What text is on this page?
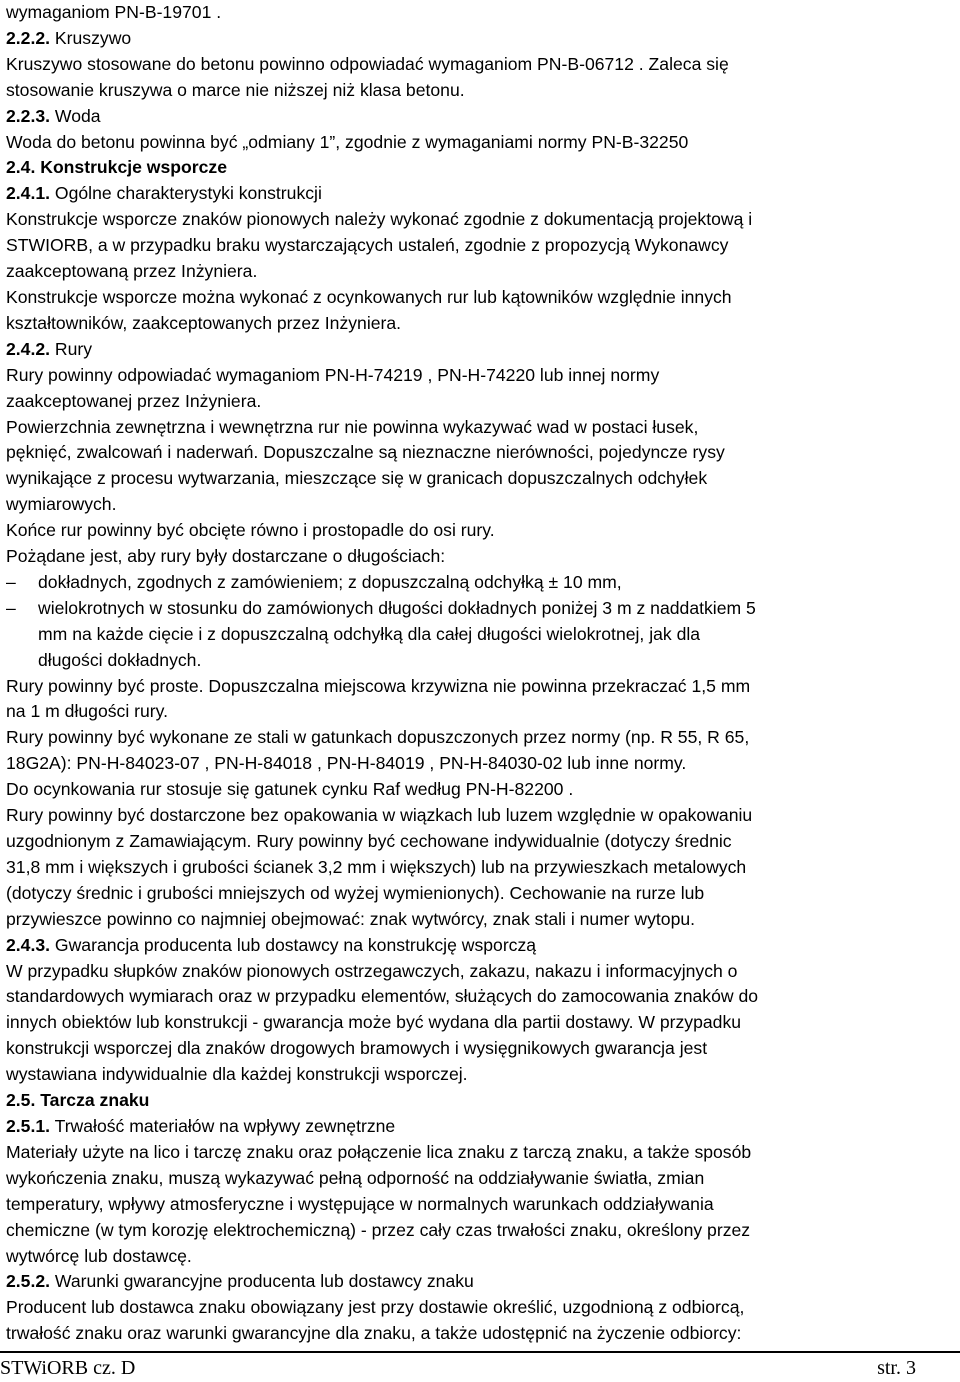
wymaganiom PN-B-19701 .
2.2.2. Kruszywo
Kruszywo stosowane do betonu powinno odpowiadać wymaganiom PN-B-06712 . Zaleca się
stosowanie kruszywa o marce nie niższej niż klasa betonu.
2.2.3. Woda
Woda do betonu powinna być „odmiany 1”, zgodnie z wymaganiami normy PN-B-32250
2.4. Konstrukcje wsporcze
2.4.1. Ogólne charakterystyki konstrukcji
Konstrukcje wsporcze znaków pionowych należy wykonać zgodnie z dokumentacją projektową i
STWIORB, a w przypadku braku wystarczających ustaleń, zgodnie z propozycją Wykonawcy
zaakceptowaną przez Inżyniera.
Konstrukcje wsporcze można wykonać z ocynkowanych rur lub kątowników względnie innych
kształtowników, zaakceptowanych przez Inżyniera.
2.4.2. Rury
Rury powinny odpowiadać wymaganiom PN-H-74219 , PN-H-74220 lub innej normy
zaakceptowanej przez Inżyniera.
Powierzchnia zewnętrzna i wewnętrzna rur nie powinna wykazywać wad w postaci łusek,
pęknięć, zwalcowań i naderwań. Dopuszczalne są nieznaczne nierówności, pojedyncze rysy
wynikające z procesu wytwarzania, mieszczące się w granicach dopuszczalnych odchyłek
wymiarowych.
Końce rur powinny być obcięte równo i prostopadle do osi rury.
Pożądane jest, aby rury były dostarczane o długościach:
– dokładnych, zgodnych z zamówieniem; z dopuszczalną odchyłką ± 10 mm,
– wielokrotnych w stosunku do zamówionych długości dokładnych poniżej 3 m z naddatkiem 5
mm na każde cięcie i z dopuszczalną odchyłką dla całej długości wielokrotnej, jak dla
długości dokładnych.
Rury powinny być proste. Dopuszczalna miejscowa krzywizna nie powinna przekraczać 1,5 mm
na 1 m długości rury.
Rury powinny być wykonane ze stali w gatunkach dopuszczonych przez normy (np. R 55, R 65,
18G2A): PN-H-84023-07 , PN-H-84018 , PN-H-84019 , PN-H-84030-02 lub inne normy.
Do ocynkowania rur stosuje się gatunek cynku Raf według PN-H-82200 .
Rury powinny być dostarczone bez opakowania w wiązkach lub luzem względnie w opakowaniu
uzgodnionym z Zamawiającym. Rury powinny być cechowane indywidualnie (dotyczy średnic
31,8 mm i większych i grubości ścianek 3,2 mm i większych) lub na przywieszkach metalowych
(dotyczy średnic i grubości mniejszych od wyżej wymienionych). Cechowanie na rurze lub
przywieszce powinno co najmniej obejmować: znak wytwórcy, znak stali i numer wytopu.
2.4.3. Gwarancja producenta lub dostawcy na konstrukcję wsporczą
W przypadku słupków znaków pionowych ostrzegawczych, zakazu, nakazu i informacyjnych o
standardowych wymiarach oraz w przypadku elementów, służących do zamocowania znaków do
innych obiektów lub konstrukcji - gwarancja może być wydana dla partii dostawy. W przypadku
konstrukcji wsporczej dla znaków drogowych bramowych i wysięgnikowych gwarancja jest
wystawiana indywidualnie dla każdej konstrukcji wsporczej.
2.5. Tarcza znaku
2.5.1. Trwałość materiałów na wpływy zewnętrzne
Materiały użyte na lico i tarczę znaku oraz połączenie lica znaku z tarczą znaku, a także sposób
wykończenia znaku, muszą wykazywać pełną odporność na oddziaływanie światła, zmian
temperatury, wpływy atmosferyczne i występujące w normalnych warunkach oddziaływania
chemiczne (w tym korozję elektrochemiczną) - przez cały czas trwałości znaku, określony przez
wytwórcę lub dostawcę.
2.5.2. Warunki gwarancyjne producenta lub dostawcy znaku
Producent lub dostawca znaku obowiązany jest przy dostawie określić, uzgodnioną z odbiorcą,
trwałość znaku oraz warunki gwarancyjne dla znaku, a także udostępnić na życzenie odbiorcy:
STWiORB cz. D	str. 3
